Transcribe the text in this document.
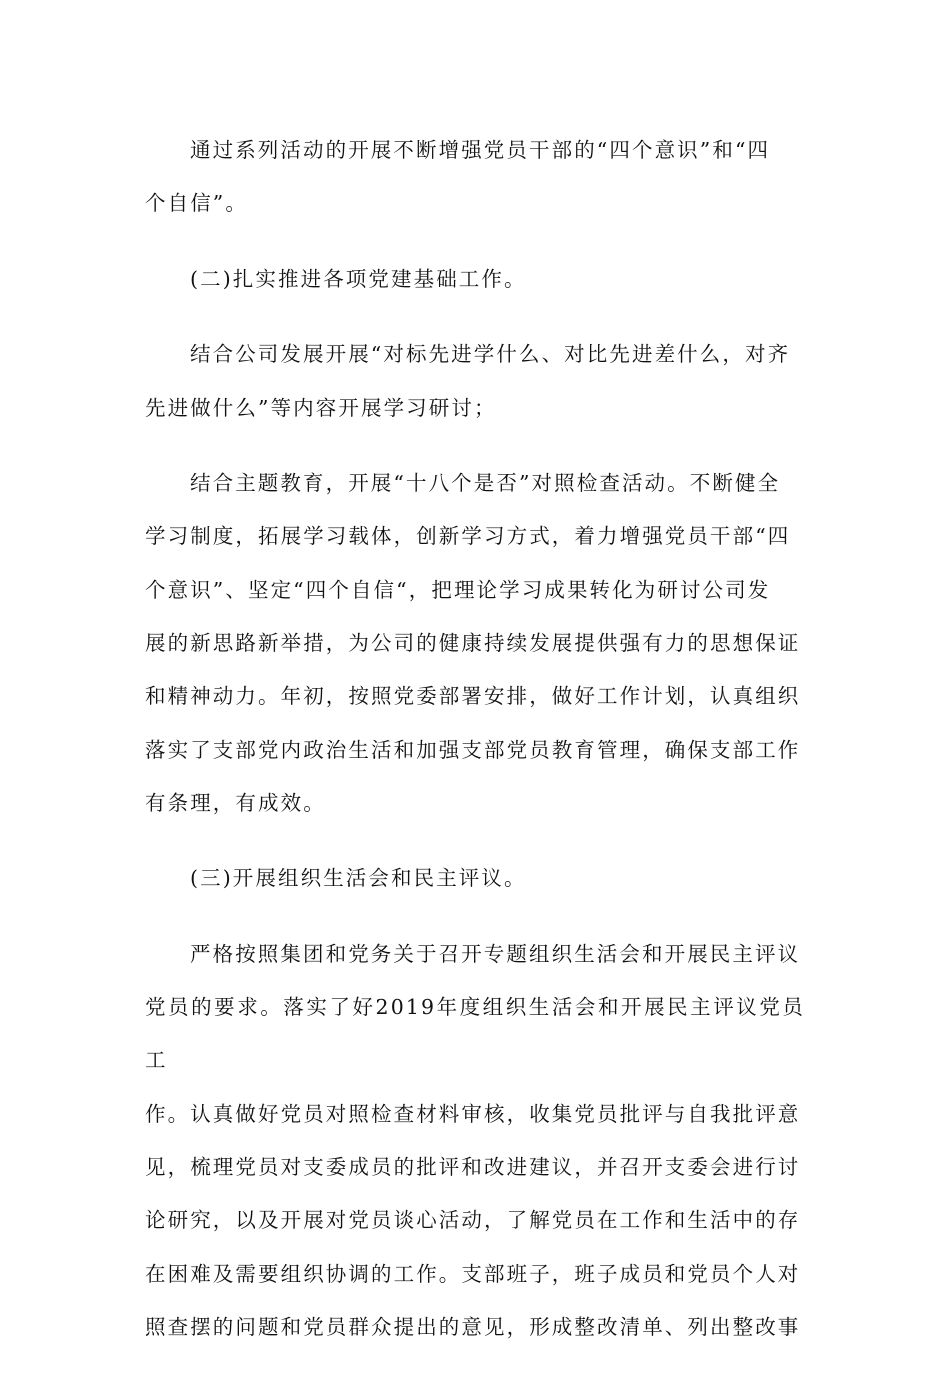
通过系列活动的开展不断增强党员干部的“四个意识”和“四
个自信”。

(二)扎实推进各项党建基础工作。

结合公司发展开展“对标先进学什么、对比先进差什么，对齐
先进做什么”等内容开展学习研讨；

结合主题教育，开展“十八个是否”对照检查活动。不断健全
学习制度，拓展学习载体，创新学习方式，着力增强党员干部“四
个意识”、坚定“四个自信“，把理论学习成果转化为研讨公司发
展的新思路新举措，为公司的健康持续发展提供强有力的思想保证
和精神动力。年初，按照党委部署安排，做好工作计划，认真组织
落实了支部党内政治生活和加强支部党员教育管理，确保支部工作
有条理，有成效。

(三)开展组织生活会和民主评议。

严格按照集团和党务关于召开专题组织生活会和开展民主评议
党员的要求。落实了好2019年度组织生活会和开展民主评议党员工
作。认真做好党员对照检查材料审核，收集党员批评与自我批评意
见，梳理党员对支委成员的批评和改进建议，并召开支委会进行讨
论研究，以及开展对党员谈心活动，了解党员在工作和生活中的存
在困难及需要组织协调的工作。支部班子，班子成员和党员个人对
照查摆的问题和党员群众提出的意见，形成整改清单、列出整改事
